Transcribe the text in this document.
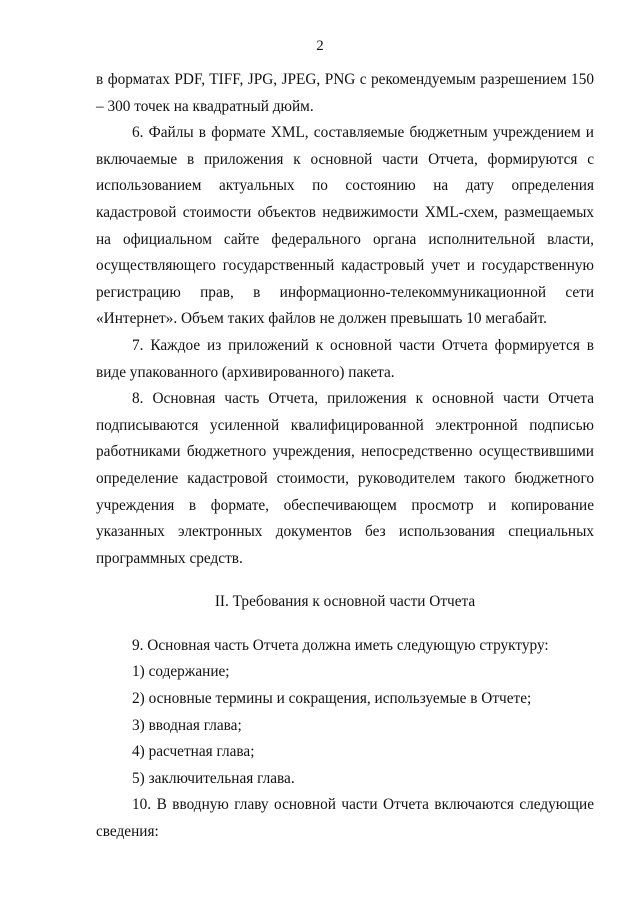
2

в форматах PDF, TIFF, JPG, JPEG, PNG с рекомендуемым разрешением 150 – 300 точек на квадратный дюйм.

6. Файлы в формате XML, составляемые бюджетным учреждением и включаемые в приложения к основной части Отчета, формируются с использованием актуальных по состоянию на дату определения кадастровой стоимости объектов недвижимости XML-схем, размещаемых на официальном сайте федерального органа исполнительной власти, осуществляющего государственный кадастровый учет и государственную регистрацию прав, в информационно-телекоммуникационной сети «Интернет». Объем таких файлов не должен превышать 10 мегабайт.

7. Каждое из приложений к основной части Отчета формируется в виде упакованного (архивированного) пакета.

8. Основная часть Отчета, приложения к основной части Отчета подписываются усиленной квалифицированной электронной подписью работниками бюджетного учреждения, непосредственно осуществившими определение кадастровой стоимости, руководителем такого бюджетного учреждения в формате, обеспечивающем просмотр и копирование указанных электронных документов без использования специальных программных средств.

II. Требования к основной части Отчета

9. Основная часть Отчета должна иметь следующую структуру:

1) содержание;

2) основные термины и сокращения, используемые в Отчете;

3) вводная глава;

4) расчетная глава;

5) заключительная глава.

10. В вводную главу основной части Отчета включаются следующие сведения:
